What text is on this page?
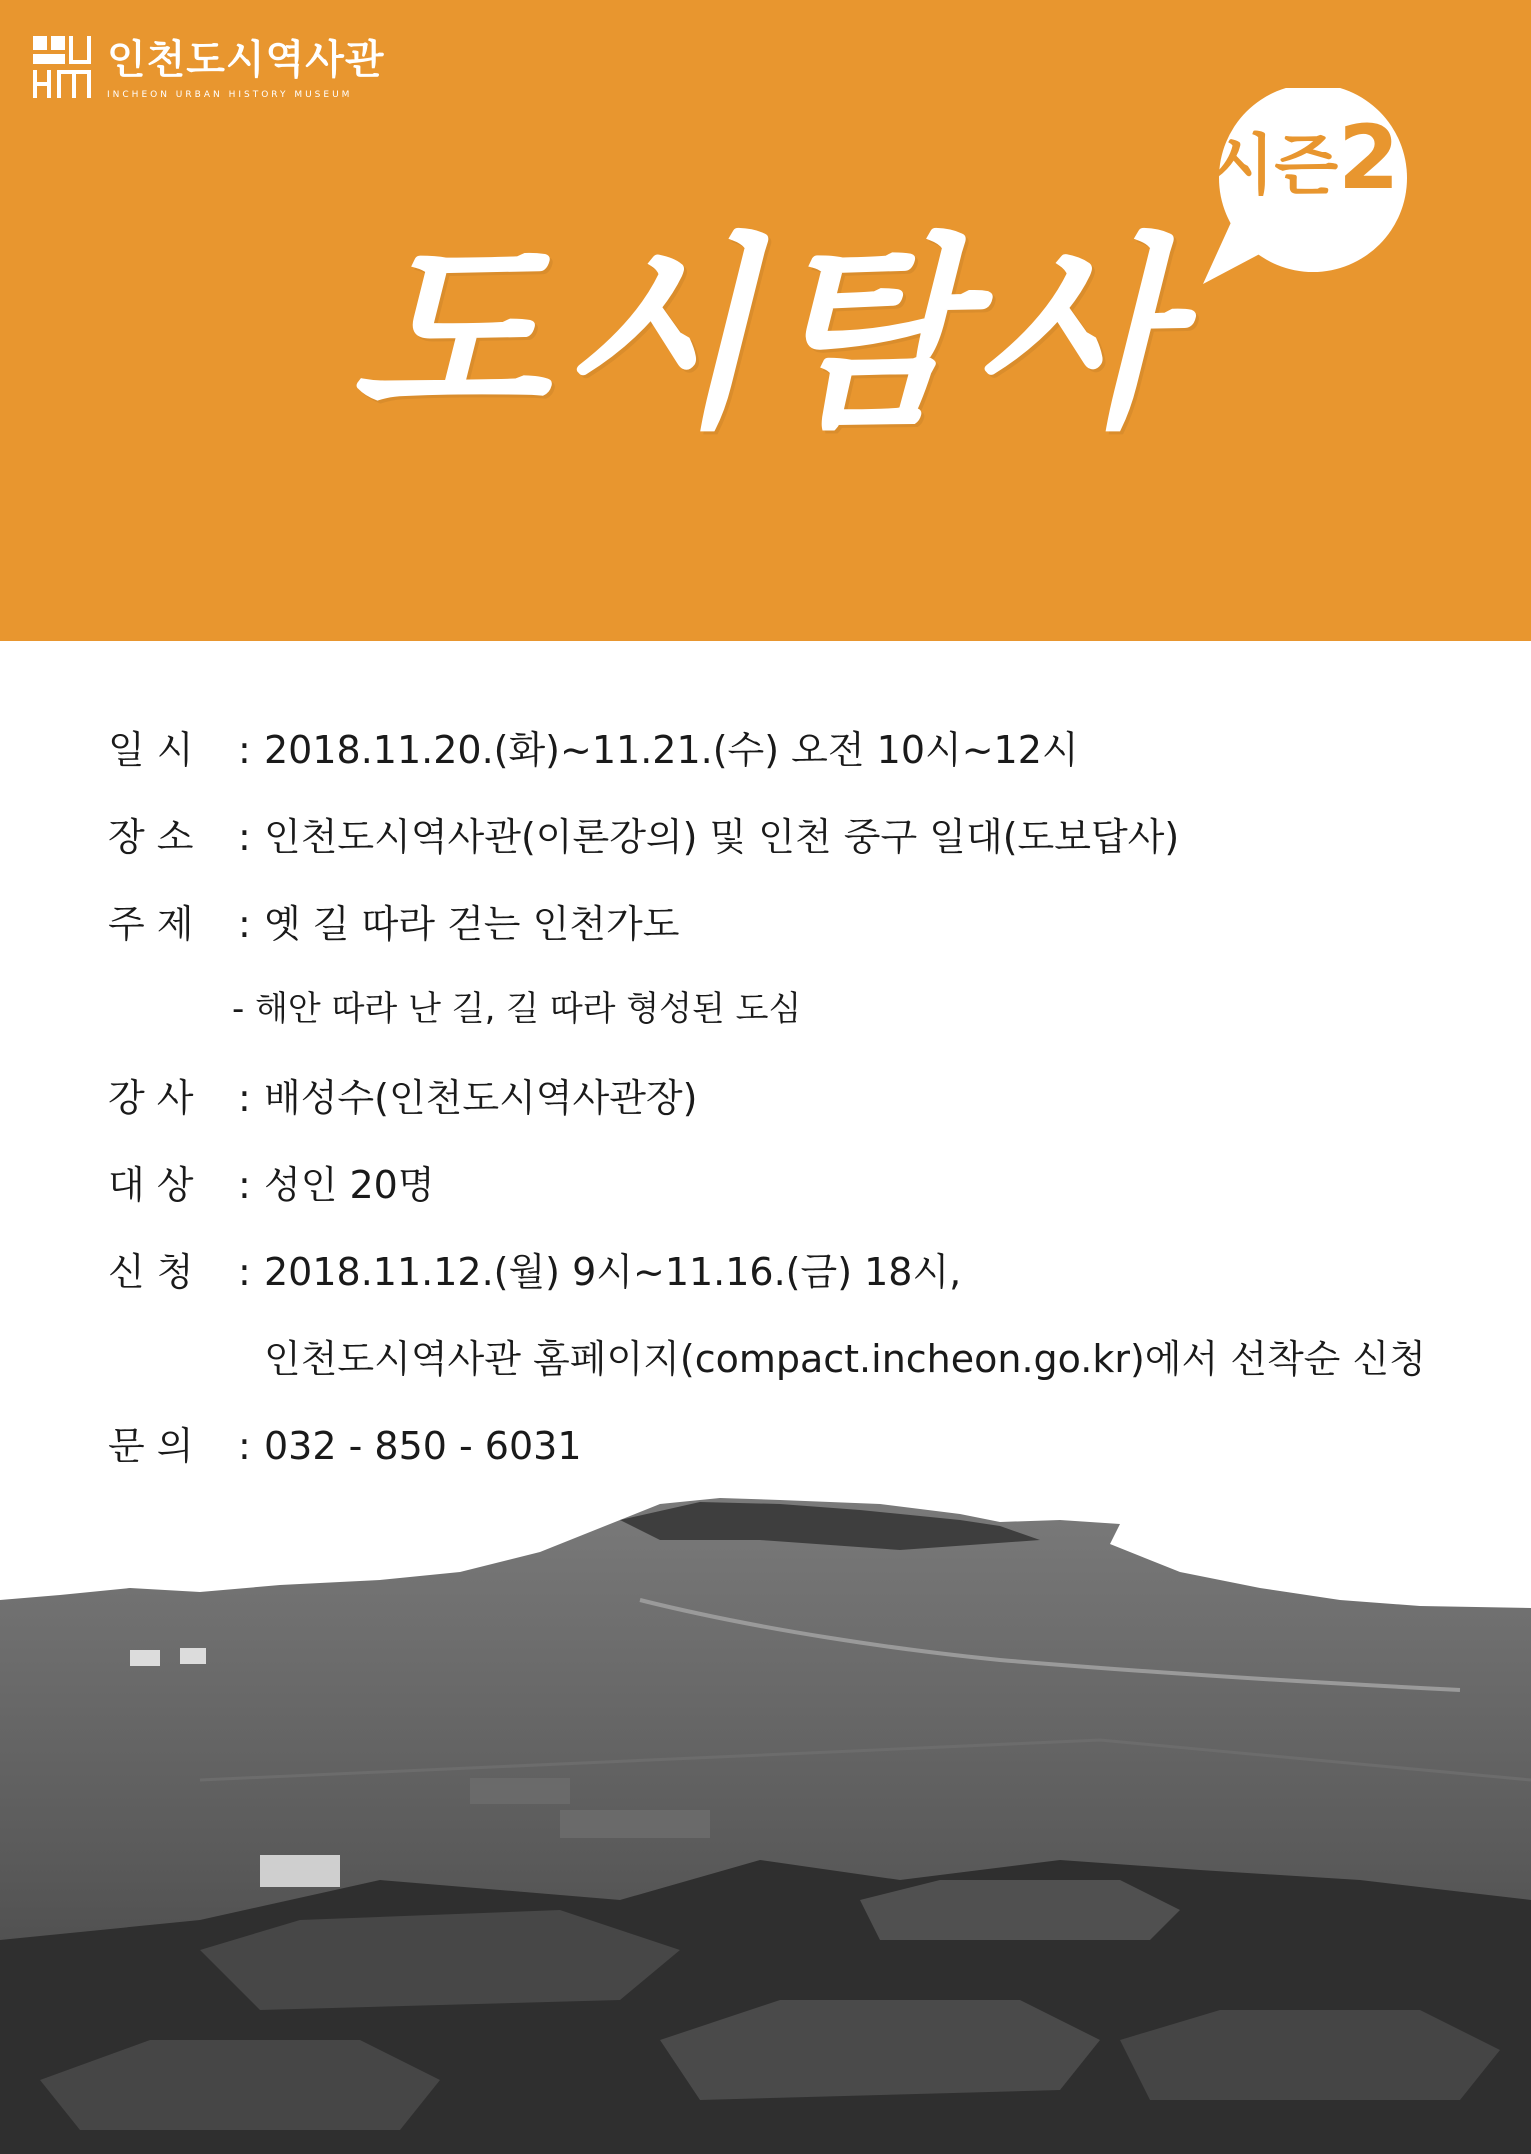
인천도시역사관
INCHEON URBAN HISTORY MUSEUM
시즌2
도시탐사
일 시 : 2018.11.20.(화)~11.21.(수) 오전 10시~12시
장 소 : 인천도시역사관(이론강의) 및 인천 중구 일대(도보답사)
주 제 : 옛 길 따라 걷는 인천가도
- 해안 따라 난 길, 길 따라 형성된 도심
강 사 : 배성수(인천도시역사관장)
대 상 : 성인 20명
신 청 : 2018.11.12.(월) 9시~11.16.(금) 18시,
인천도시역사관 홈페이지(compact.incheon.go.kr)에서 선착순 신청
문 의 : 032 - 850 - 6031
